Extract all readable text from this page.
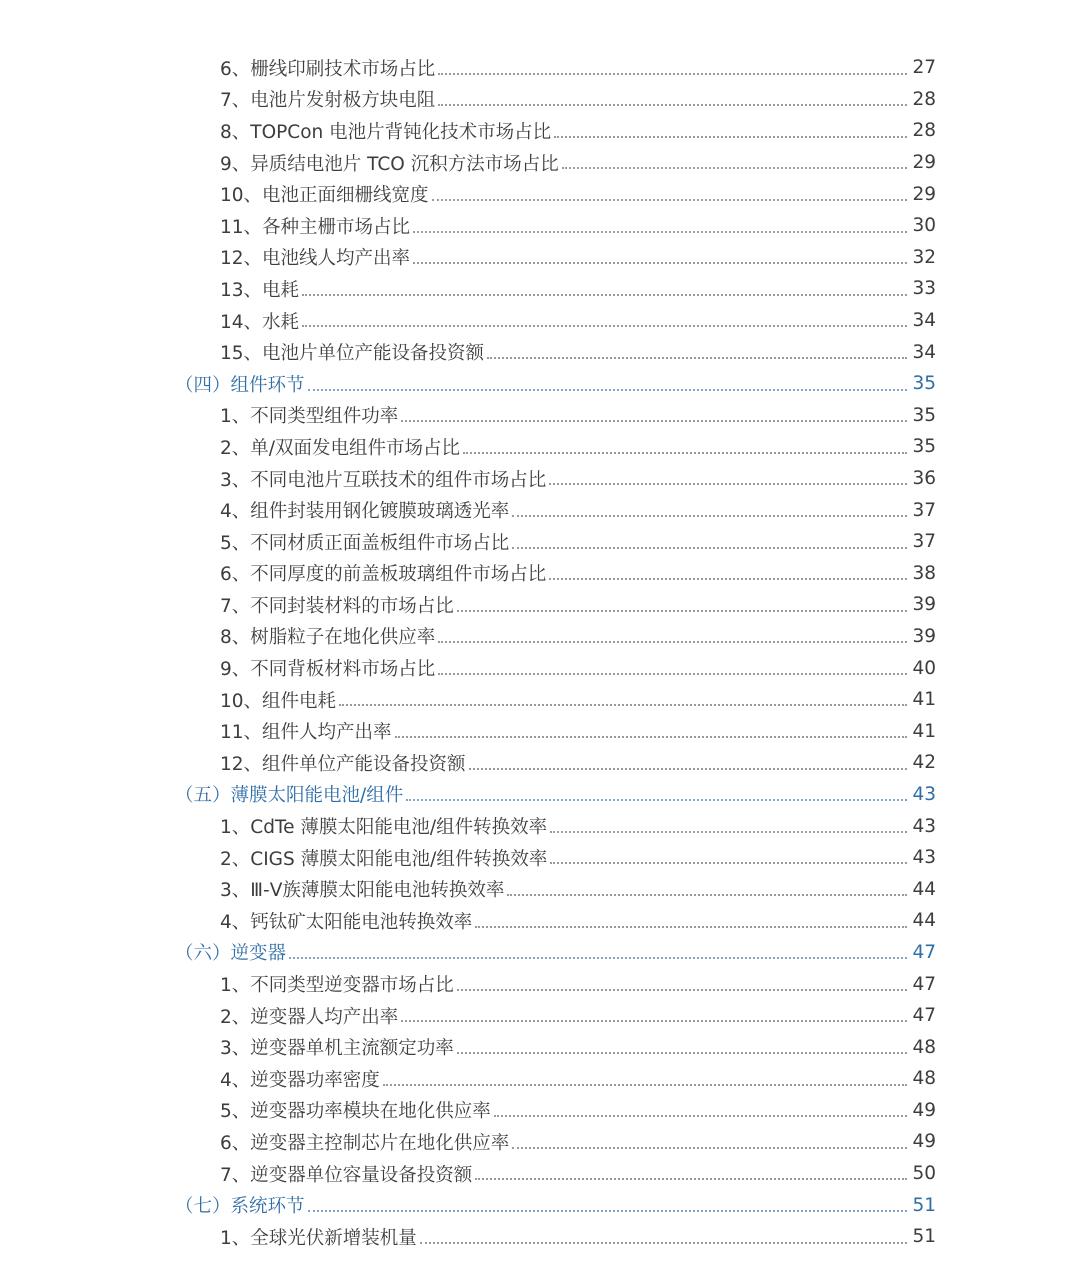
6、栅线印刷技术市场占比	27
7、电池片发射极方块电阻	28
8、TOPCon 电池片背钝化技术市场占比	28
9、异质结电池片 TCO 沉积方法市场占比	29
10、电池正面细栅线宽度	29
11、各种主栅市场占比	30
12、电池线人均产出率	32
13、电耗	33
14、水耗	34
15、电池片单位产能设备投资额	34
（四）组件环节	35
1、不同类型组件功率	35
2、单/双面发电组件市场占比	35
3、不同电池片互联技术的组件市场占比	36
4、组件封装用钢化镀膜玻璃透光率	37
5、不同材质正面盖板组件市场占比	37
6、不同厚度的前盖板玻璃组件市场占比	38
7、不同封装材料的市场占比	39
8、树脂粒子在地化供应率	39
9、不同背板材料市场占比	40
10、组件电耗	41
11、组件人均产出率	41
12、组件单位产能设备投资额	42
（五）薄膜太阳能电池/组件	43
1、CdTe 薄膜太阳能电池/组件转换效率	43
2、CIGS 薄膜太阳能电池/组件转换效率	43
3、Ⅲ-Ⅴ族薄膜太阳能电池转换效率	44
4、钙钛矿太阳能电池转换效率	44
（六）逆变器	47
1、不同类型逆变器市场占比	47
2、逆变器人均产出率	47
3、逆变器单机主流额定功率	48
4、逆变器功率密度	48
5、逆变器功率模块在地化供应率	49
6、逆变器主控制芯片在地化供应率	49
7、逆变器单位容量设备投资额	50
（七）系统环节	51
1、全球光伏新增装机量	51
